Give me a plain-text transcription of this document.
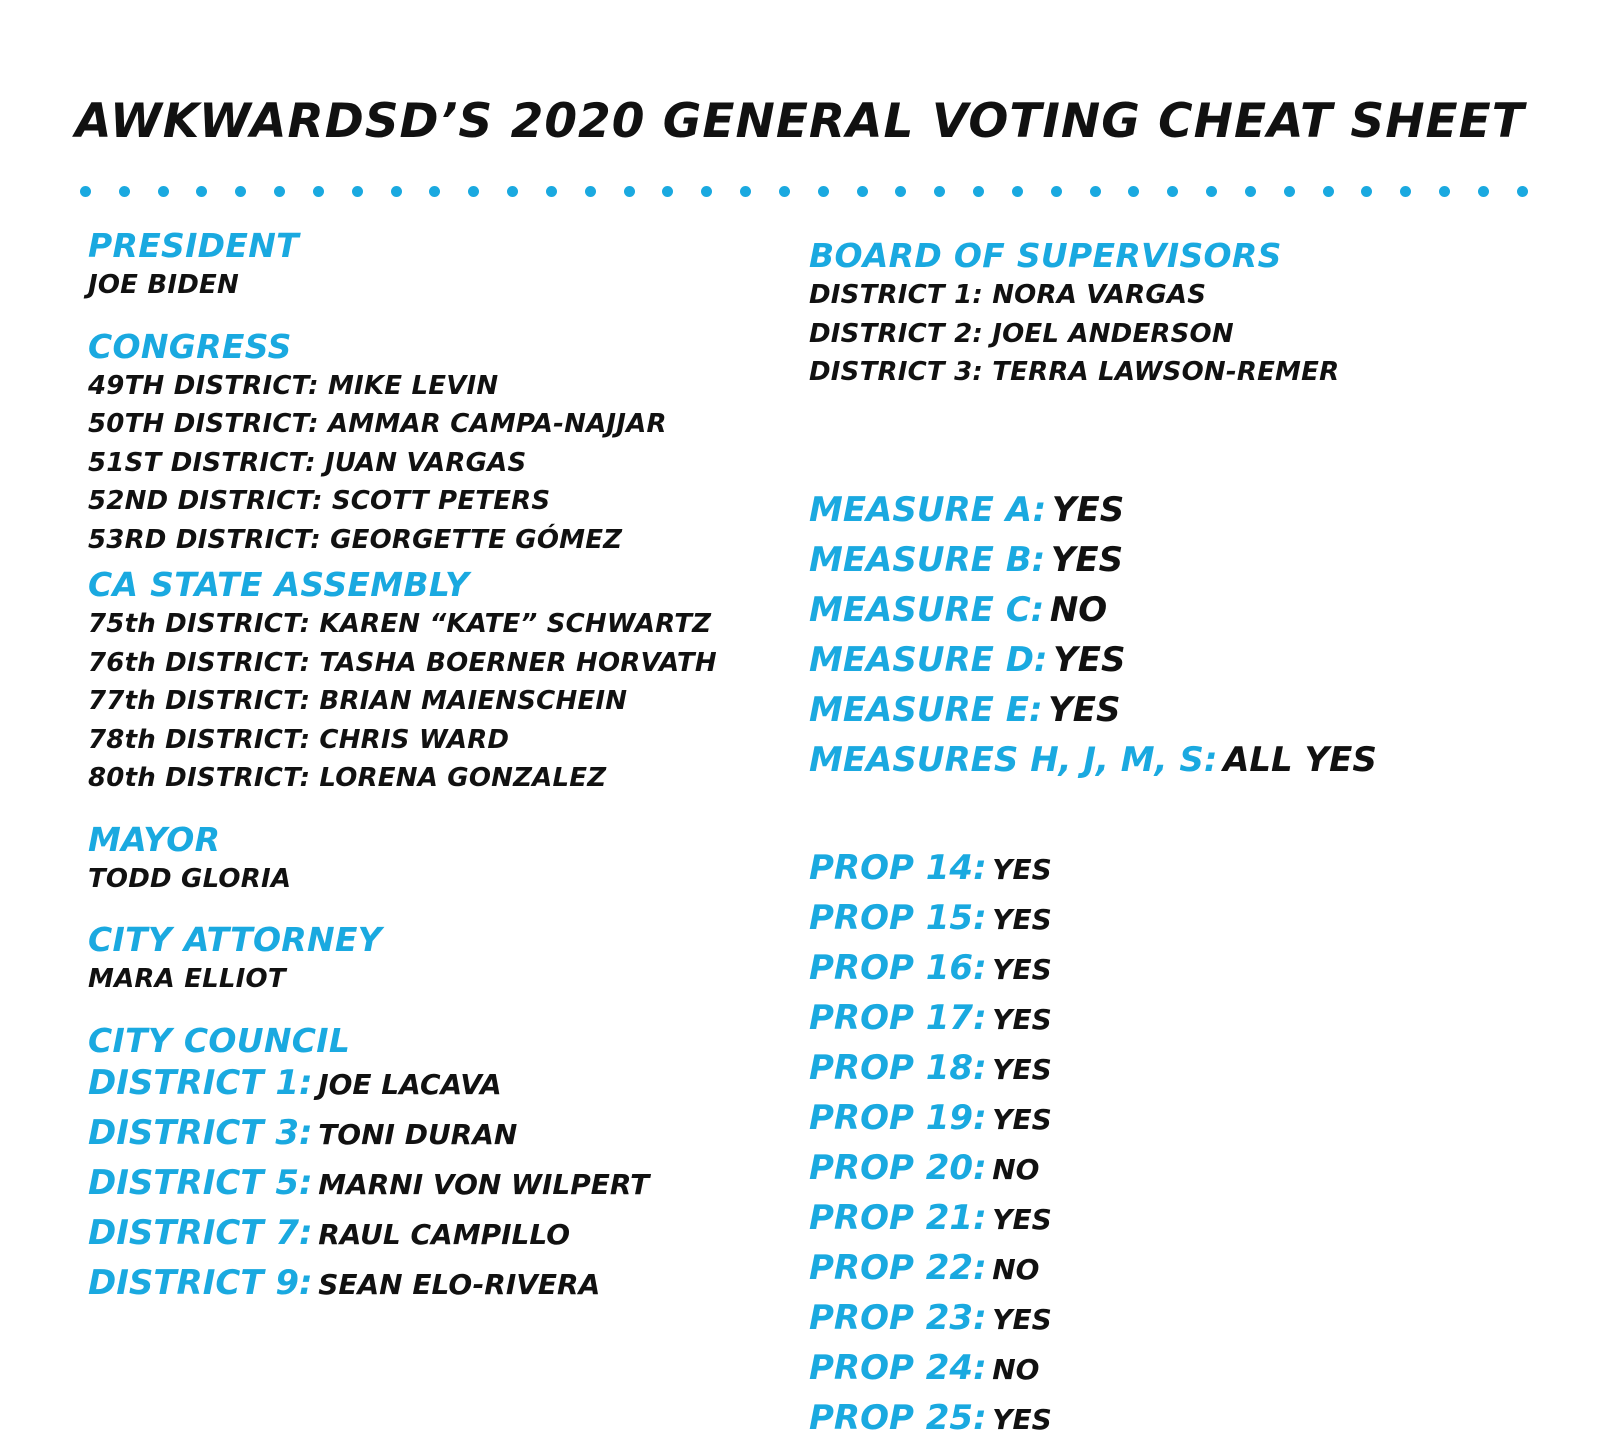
AWKWARDSD’S 2020 GENERAL VOTING CHEAT SHEET
PRESIDENT
JOE BIDEN
CONGRESS
49TH DISTRICT: MIKE LEVIN
50TH DISTRICT: AMMAR CAMPA-NAJJAR
51ST DISTRICT: JUAN VARGAS
52ND DISTRICT: SCOTT PETERS
53RD DISTRICT: GEORGETTE GÓMEZ
CA STATE ASSEMBLY
75th DISTRICT: KAREN “KATE” SCHWARTZ
76th DISTRICT: TASHA BOERNER HORVATH
77th DISTRICT: BRIAN MAIENSCHEIN
78th DISTRICT: CHRIS WARD
80th DISTRICT: LORENA GONZALEZ
MAYOR
TODD GLORIA
CITY ATTORNEY
MARA ELLIOT
CITY COUNCIL
DISTRICT 1: JOE LACAVA
DISTRICT 3: TONI DURAN
DISTRICT 5: MARNI VON WILPERT
DISTRICT 7: RAUL CAMPILLO
DISTRICT 9: SEAN ELO-RIVERA
BOARD OF SUPERVISORS
DISTRICT 1: NORA VARGAS
DISTRICT 2: JOEL ANDERSON
DISTRICT 3: TERRA LAWSON-REMER
MEASURE A: YES
MEASURE B: YES
MEASURE C: NO
MEASURE D: YES
MEASURE E: YES
MEASURES H, J, M, S: ALL YES
PROP 14: YES
PROP 15: YES
PROP 16: YES
PROP 17: YES
PROP 18: YES
PROP 19: YES
PROP 20: NO
PROP 21: YES
PROP 22: NO
PROP 23: YES
PROP 24: NO
PROP 25: YES
